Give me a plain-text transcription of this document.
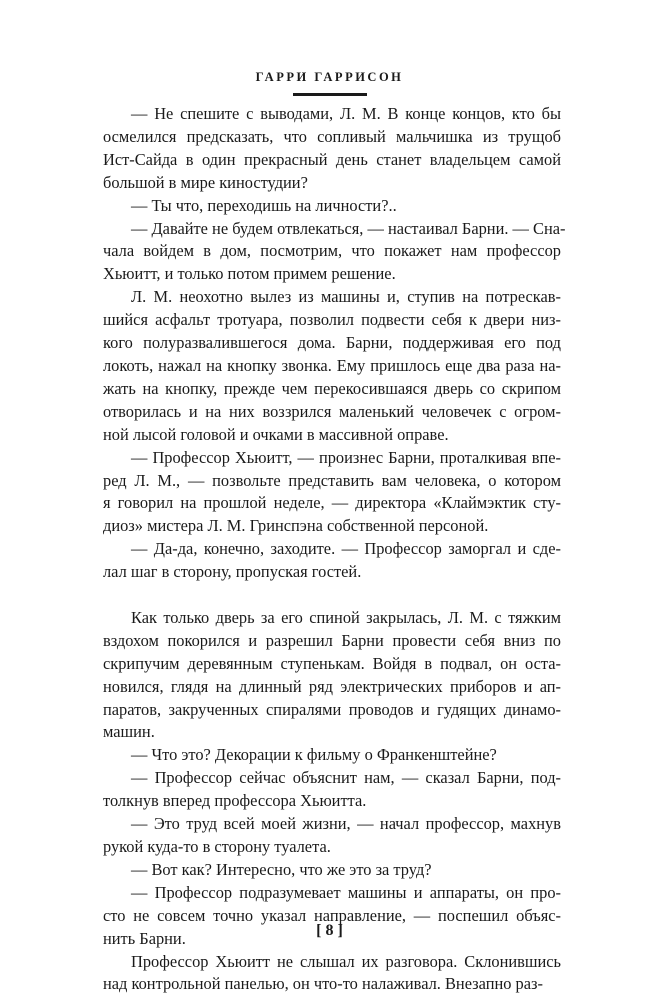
ГАРРИ ГАРРИСОН
— Не спешите с выводами, Л. М. В конце концов, кто бы
осмелился предсказать, что сопливый мальчишка из трущоб
Ист-Сайда в один прекрасный день станет владельцем самой
большой в мире киностудии?
— Ты что, переходишь на личности?..
— Давайте не будем отвлекаться, — настаивал Барни. — Сна-
чала войдем в дом, посмотрим, что покажет нам профессор
Хьюитт, и только потом примем решение.
Л. М. неохотно вылез из машины и, ступив на потрескав-
шийся асфальт тротуара, позволил подвести себя к двери низ-
кого полуразвалившегося дома. Барни, поддерживая его под
локоть, нажал на кнопку звонка. Ему пришлось еще два раза на-
жать на кнопку, прежде чем перекосившаяся дверь со скрипом
отворилась и на них воззрился маленький человечек с огром-
ной лысой головой и очками в массивной оправе.
— Профессор Хьюитт, — произнес Барни, проталкивая впе-
ред Л. М., — позвольте представить вам человека, о котором
я говорил на прошлой неделе, — директора «Клаймэктик сту-
диоз» мистера Л. М. Гринспэна собственной персоной.
— Да-да, конечно, заходите. — Профессор заморгал и сде-
лал шаг в сторону, пропуская гостей.
Как только дверь за его спиной закрылась, Л. М. с тяжким
вздохом покорился и разрешил Барни провести себя вниз по
скрипучим деревянным ступенькам. Войдя в подвал, он оста-
новился, глядя на длинный ряд электрических приборов и ап-
паратов, закрученных спиралями проводов и гудящих динамо-
машин.
— Что это? Декорации к фильму о Франкенштейне?
— Профессор сейчас объяснит нам, — сказал Барни, под-
толкнув вперед профессора Хьюитта.
— Это труд всей моей жизни, — начал профессор, махнув
рукой куда-то в сторону туалета.
— Вот как? Интересно, что же это за труд?
— Профессор подразумевает машины и аппараты, он про-
сто не совсем точно указал направление, — поспешил объяс-
нить Барни.
Профессор Хьюитт не слышал их разговора. Склонившись
над контрольной панелью, он что-то налаживал. Внезапно раз-
[ 8 ]
